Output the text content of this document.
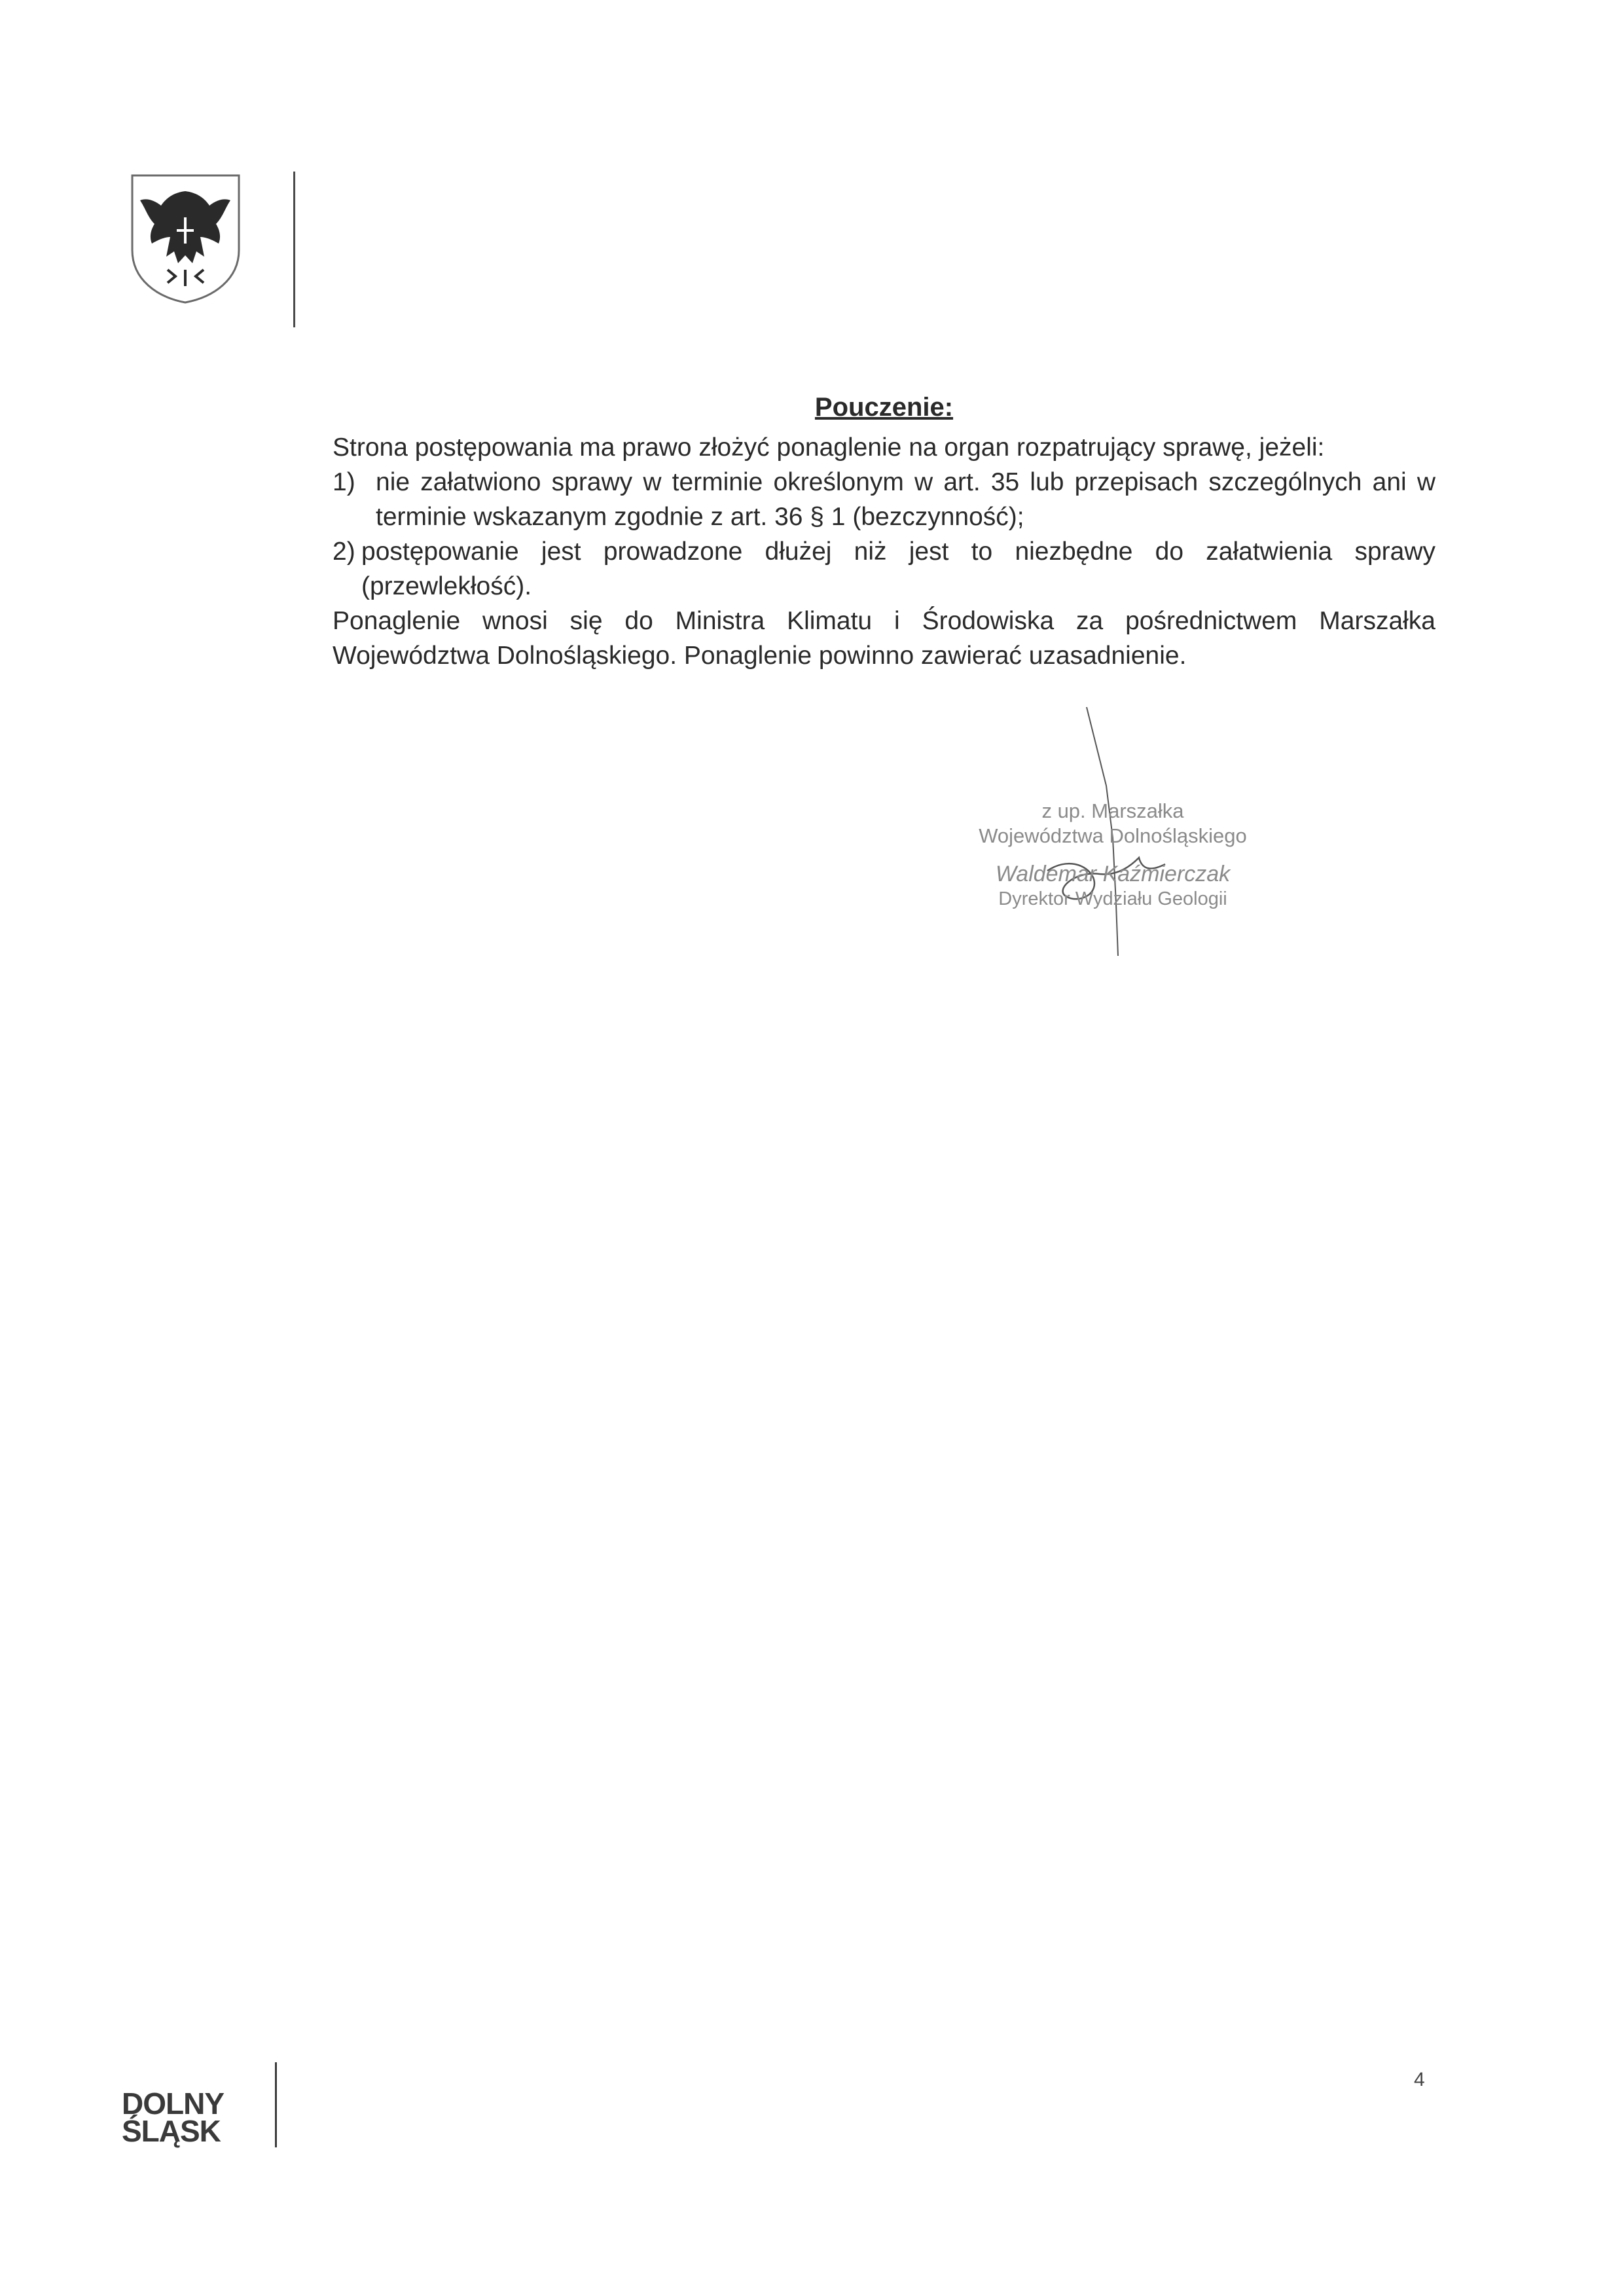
Pouczenie:

Strona postępowania ma prawo złożyć ponaglenie na organ rozpatrujący sprawę, jeżeli:

1) nie załatwiono sprawy w terminie określonym w art. 35 lub przepisach szczególnych ani w terminie wskazanym zgodnie z art. 36 § 1 (bezczynność);
2) postępowanie jest prowadzone dłużej niż jest to niezbędne do załatwienia sprawy (przewlekłość).

Ponaglenie wnosi się do Ministra Klimatu i Środowiska za pośrednictwem Marszałka Województwa Dolnośląskiego. Ponaglenie powinno zawierać uzasadnienie.

z up. Marszałka
Województwa Dolnośląskiego
Waldemar Kaźmierczak
Dyrektor Wydziału Geologii
DOLNY
ŚLĄSK
4
